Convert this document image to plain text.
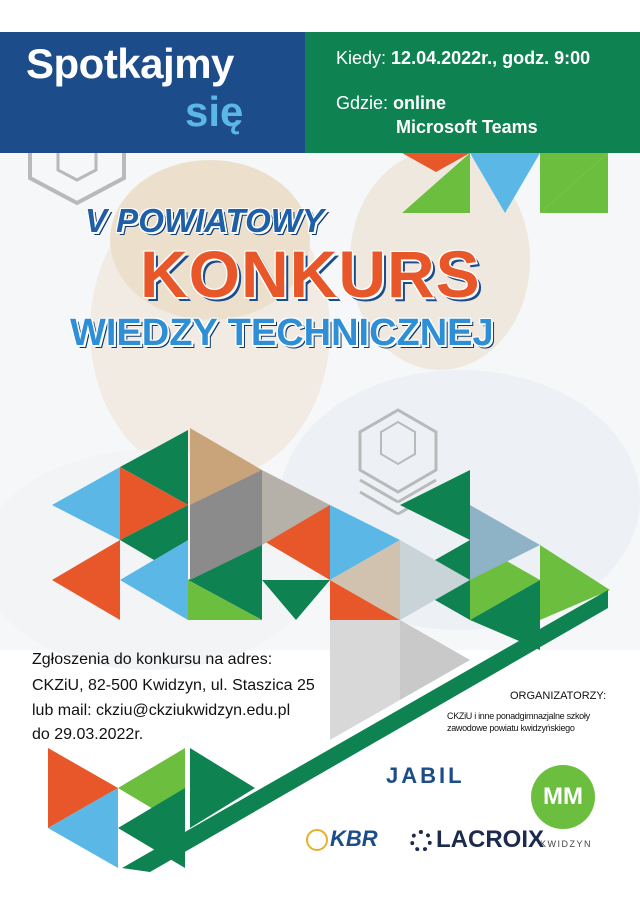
Spotkajmy
się
Kiedy: 12.04.2022r., godz. 9:00
Gdzie: online
Microsoft Teams
V POWIATOWY
KONKURS
WIEDZY TECHNICZNEJ
Zgłoszenia do konkursu na adres:
CKZiU, 82-500 Kwidzyn, ul. Staszica 25
lub mail: ckziu@ckziukwidzyn.edu.pl
do 29.03.2022r.
ORGANIZATORZY:
CKZiU i inne ponadgimnazjalne szkoły zawodowe powiatu kwidzyńskiego
JABIL
MM
KWIDZYN
KBR	LACROIX
